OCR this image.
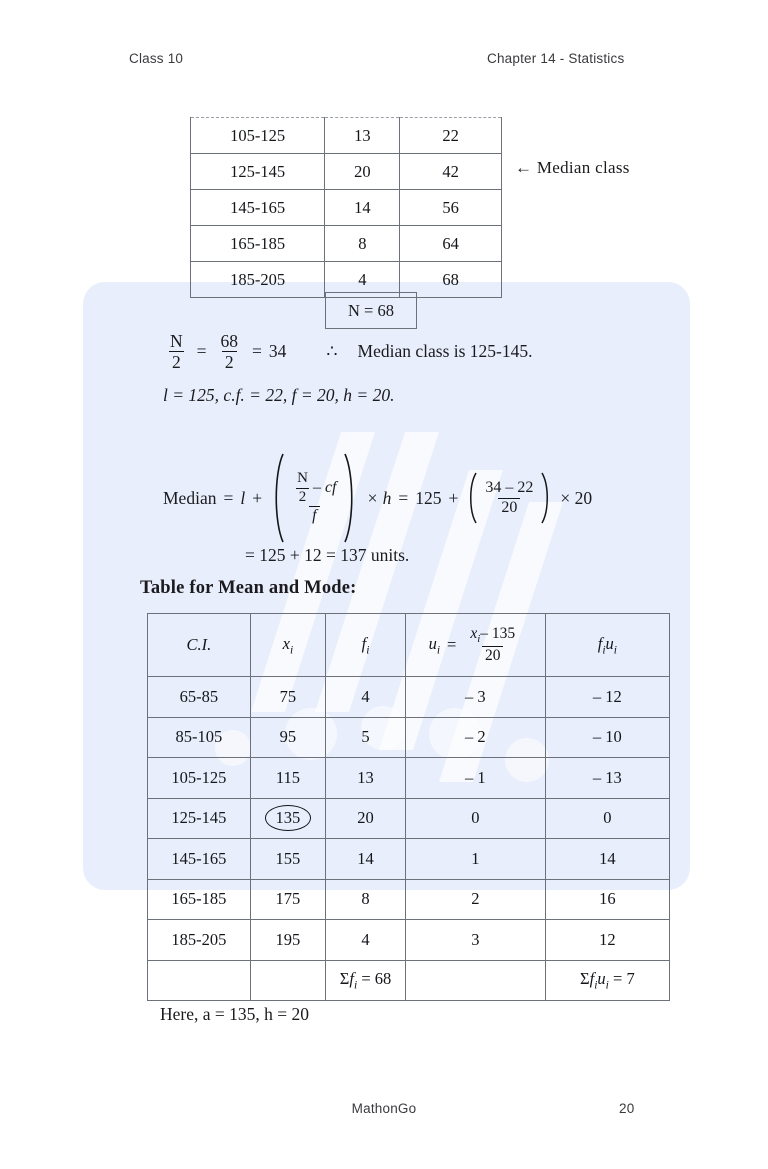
Class 10	Chapter 14 - Statistics
105-125	13	22
125-145	20	42
145-165	14	56
165-185	8	64
185-205	4	68
N = 68
← Median class
$\frac{N}{2} = \frac{68}{2} = 34$ ∴ Median class is 125-145.
l = 125, c.f. = 22, f = 20, h = 20.
Median = $l + \frac{\frac{N}{2} - cf}{f} \times h = 125 + \frac{34 - 22}{20} \times 20$
= 125 + 12 = 137 units.
Table for Mean and Mode:
C.I.	$x_i$	$f_i$	$u_i = \frac{x_i- 135}{20}$	$f_iu_i$
65-85	75	4	– 3	– 12
85-105	95	5	– 2	– 10
105-125	115	13	– 1	– 13
125-145	135	20	0	0
145-165	155	14	1	14
165-185	175	8	2	16
185-205	195	4	3	12
		$\Sigma f_i = 68$		$\Sigma f_iu_i = 7$
Here, a = 135, h = 20
MathonGo	20
